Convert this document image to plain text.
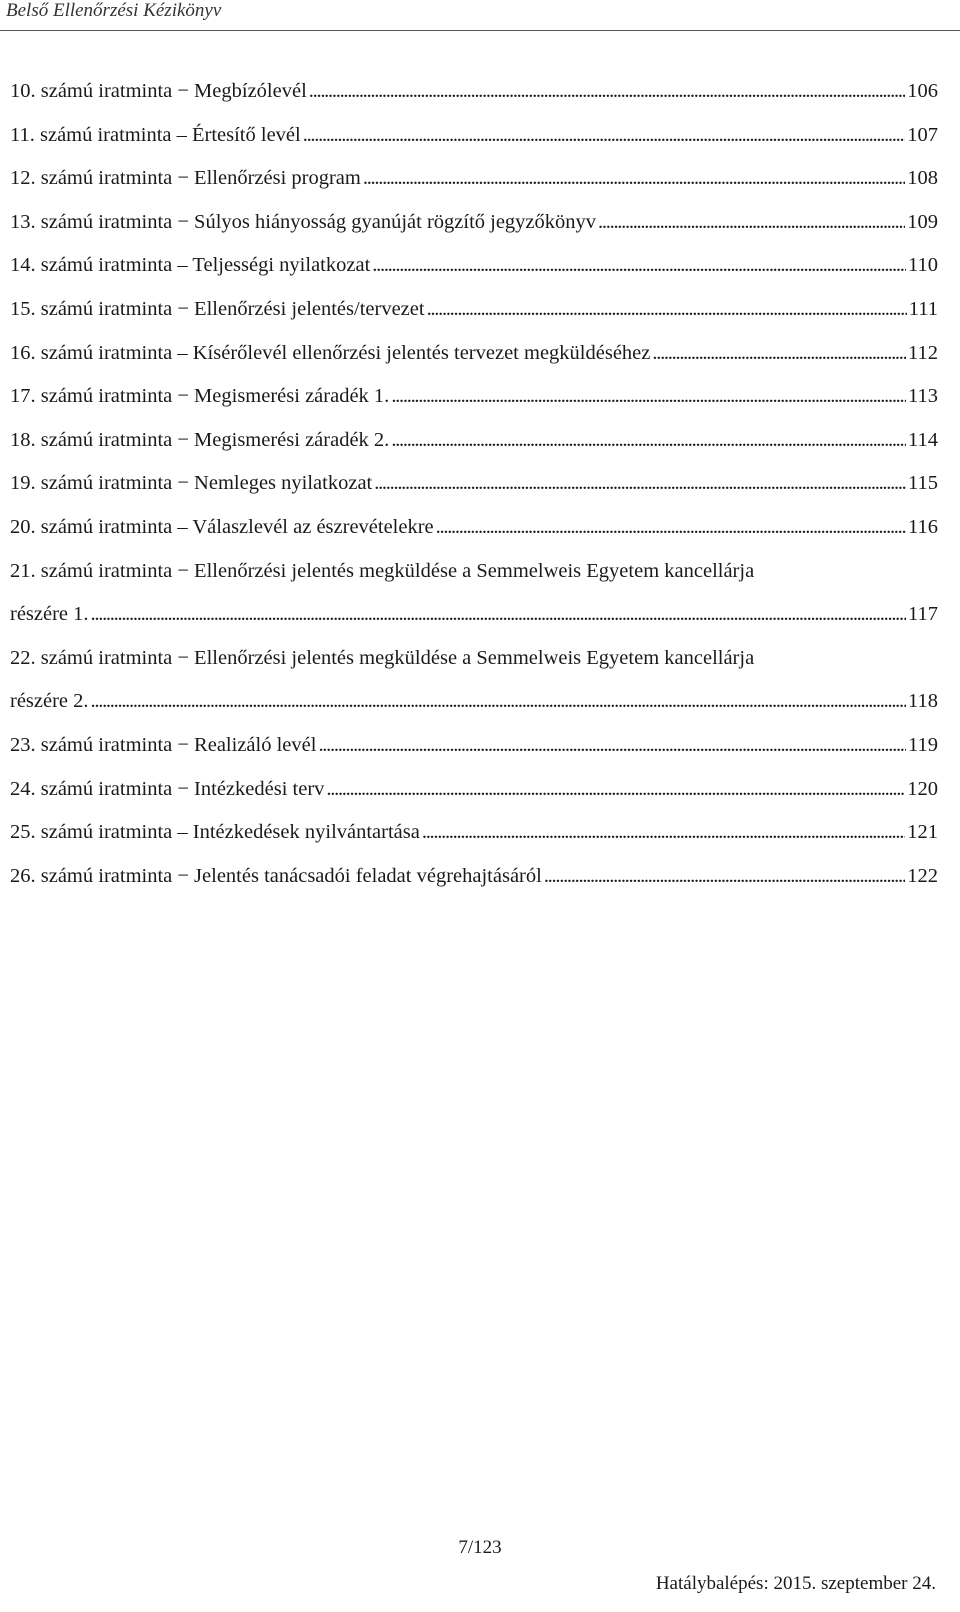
Belső Ellenőrzési Kézikönyv
10. számú iratminta − Megbízólevél . . .	106
11. számú iratminta – Értesítő levél . . .	107
12. számú iratminta − Ellenőrzési program . . .	108
13. számú iratminta − Súlyos hiányosság gyanúját rögzítő jegyzőkönyv . . .	109
14. számú iratminta – Teljességi nyilatkozat . . .	110
15. számú iratminta − Ellenőrzési jelentés/tervezet . . .	111
16. számú iratminta – Kísérőlevél ellenőrzési jelentés tervezet megküldéséhez . . .	112
17. számú iratminta − Megismerési záradék 1. . . .	113
18. számú iratminta − Megismerési záradék 2. . . .	114
19. számú iratminta − Nemleges nyilatkozat . . .	115
20. számú iratminta – Válaszlevél az észrevételekre . . .	116
21. számú iratminta − Ellenőrzési jelentés megküldése a Semmelweis Egyetem kancellárja
részére 1. . . .	117
22. számú iratminta − Ellenőrzési jelentés megküldése a Semmelweis Egyetem kancellárja
részére 2. . . .	118
23. számú iratminta − Realizáló levél . . .	119
24. számú iratminta − Intézkedési terv . . .	120
25. számú iratminta – Intézkedések nyilvántartása . . .	121
26. számú iratminta − Jelentés tanácsadói feladat végrehajtásáról . . .	122
7/123
Hatálybalépés: 2015. szeptember 24.
